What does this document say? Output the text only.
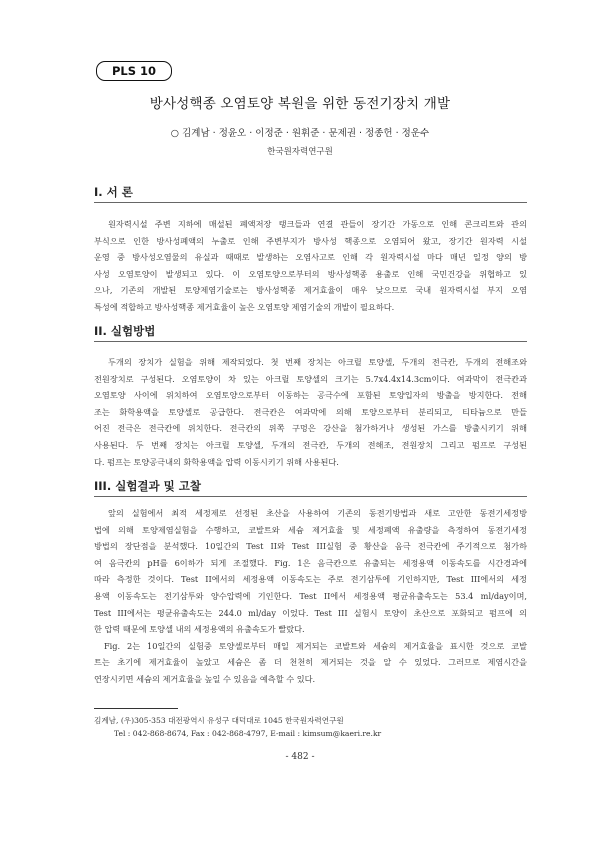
PLS 10
방사성핵종 오염토양 복원을 위한 동전기장치 개발
○ 김계남 · 정윤오 · 이정준 · 원휘준 · 문제권 · 정종헌 · 정운수
한국원자력연구원
I. 서 론
원자력시설 주변 지하에 매설된 폐액저장 탱크들과 연결 관들이 장기간 가동으로 인해 콘크리트와 관의
부식으로 인한 방사성폐액의 누출로 인해 주변부지가 방사성 핵종으로 오염되어 왔고, 장기간 원자력 시설
운영 중 방사성오염물의 유실과 때때로 발생하는 오염사고로 인해 각 원자력시설 마다 매년 일정 양의 방
사성 오염토양이 발생되고 있다. 이 오염토양으로부터의 방사성핵종 용출로 인해 국민건강을 위협하고 있
으나, 기존의 개발된 토양제염기술로는 방사성핵종 제거효율이 매우 낮으므로 국내 원자력시설 부지 오염
특성에 적합하고 방사성핵종 제거효율이 높은 오염토양 제염기술의 개발이 필요하다.
II. 실험방법
두개의 장치가 실험을 위해 제작되었다. 첫 번째 장치는 아크릴 토양셀, 두개의 전극칸, 두개의 전해조와
전원장치로 구성된다. 오염토양이 차 있는 아크릴 토양셀의 크기는 5.7x4.4x14.3cm이다. 여과막이 전극칸과
오염토양 사이에 위치하여 오염토양으로부터 이동하는 공극수에 포함된 토양입자의 방출을 방지한다. 전해
조는 화학용액을 토양셀로 공급한다. 전극칸은 여과막에 의해 토양으로부터 분리되고, 티타늄으로 만들
어진 전극은 전극칸에 위치한다. 전극칸의 위쪽 구멍은 강산을 첨가하거나 생성된 가스를 방출시키기 위해
사용된다. 두 번째 장치는 아크릴 토양셀, 두개의 전극칸, 두개의 전해조, 전원장치 그리고 펌프로 구성된
다. 펌프는 토양공극내의 화학용액을 압력 이동시키기 위해 사용된다.
III. 실험결과 및 고찰
앞의 실험에서 최적 세정제로 선정된 초산을 사용하여 기존의 동전기방법과 새로 고안한 동전기세정방
법에 의해 토양제염실험을 수행하고, 코발트와 세슘 제거효율 및 세정폐액 유출량을 측정하여 동전기세정
방법의 장단점을 분석했다. 10일간의 Test II와 Test III실험 중 황산을 음극 전극칸에 주기적으로 첨가하
여 음극칸의 pH를 6이하가 되게 조절했다. Fig. 1은 음극칸으로 유출되는 세정용액 이동속도를 시간경과에
따라 측정한 것이다. Test II에서의 세정용액 이동속도는 주로 전기삼투에 기인하지만, Test III에서의 세정
용액 이동속도는 전기삼투와 양수압력에 기인한다. Test II에서 세정용액 평균유출속도는 53.4 ml/day이며,
Test III에서는 평균유출속도는 244.0 ml/day 이었다. Test III 실험시 토양이 초산으로 포화되고 펌프에 의
한 압력 때문에 토양셀 내의 세정용액의 유출속도가 빨랐다.
Fig. 2는 10일간의 실험중 토양셀로부터 매일 제거되는 코발트와 세슘의 제거효율을 표시한 것으로 코발
트는 초기에 제거효율이 높았고 세슘은 좀 더 천천히 제거되는 것을 알 수 있었다. 그러므로 제염시간을
연장시키면 세슘의 제거효율을 높일 수 있음을 예측할 수 있다.
김계남, (우)305-353 대전광역시 유성구 대덕대로 1045 한국원자력연구원
Tel : 042-868-8674, Fax : 042-868-4797, E-mail : kimsum@kaeri.re.kr
- 482 -
